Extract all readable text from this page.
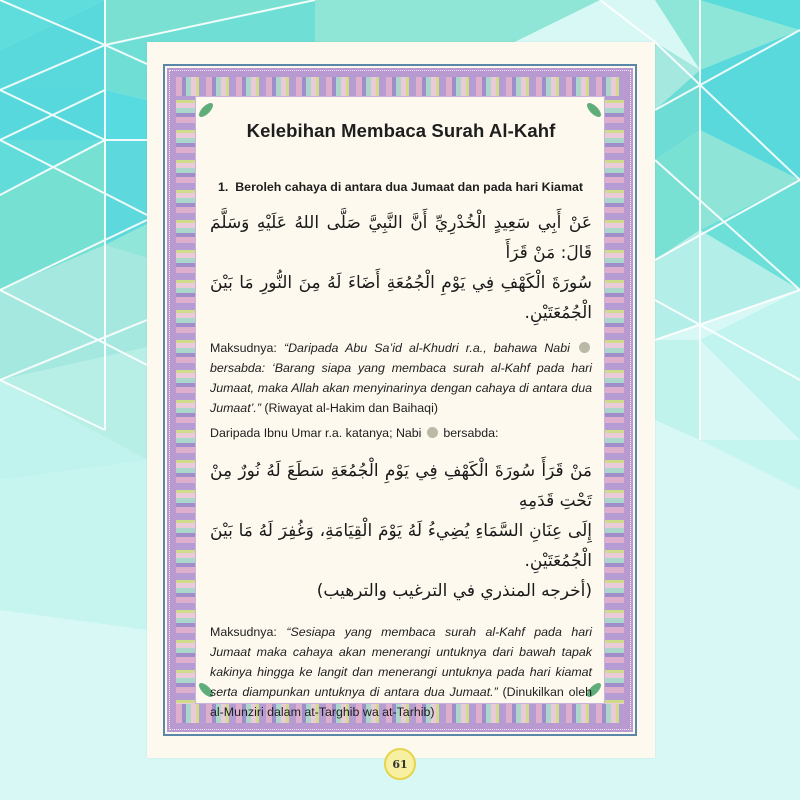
Kelebihan Membaca Surah Al-Kahf
1. Beroleh cahaya di antara dua Jumaat dan pada hari Kiamat
عَنْ أَبِي سَعِيدٍ الْخُدْرِيِّ أَنَّ النَّبِيَّ صَلَّى اللهُ عَلَيْهِ وَسَلَّمَ قَالَ: مَنْ قَرَأَ
سُورَةَ الْكَهْفِ فِي يَوْمِ الْجُمُعَةِ أَضَاءَ لَهُ مِنَ النُّورِ مَا بَيْنَ الْجُمُعَتَيْنِ.

Maksudnya: “Daripada Abu Sa’id al-Khudri r.a., bahawa Nabi  bersabda: ‘Barang siapa yang membaca surah al-Kahf pada hari Jumaat, maka Allah akan menyinarinya dengan cahaya di antara dua Jumaat’.” (Riwayat al-Hakim dan Baihaqi)

Daripada Ibnu Umar r.a. katanya; Nabi bersabda:

مَنْ قَرَأَ سُورَةَ الْكَهْفِ فِي يَوْمِ الْجُمُعَةِ سَطَعَ لَهُ نُورٌ مِنْ تَحْتِ قَدَمِهِ
إِلَى عِنَانِ السَّمَاءِ يُضِيءُ لَهُ يَوْمَ الْقِيَامَةِ، وَغُفِرَ لَهُ مَا بَيْنَ الْجُمُعَتَيْنِ.
(أخرجه المنذري في الترغيب والترهيب)

Maksudnya: “Sesiapa yang membaca surah al-Kahf pada hari Jumaat maka cahaya akan menerangi untuknya dari bawah tapak kakinya hingga ke langit dan menerangi untuknya pada hari kiamat serta diampunkan untuknya di antara dua Jumaat.” (Dinukilkan oleh al-Munziri dalam at-Targhib wa at-Tarhib)

61
